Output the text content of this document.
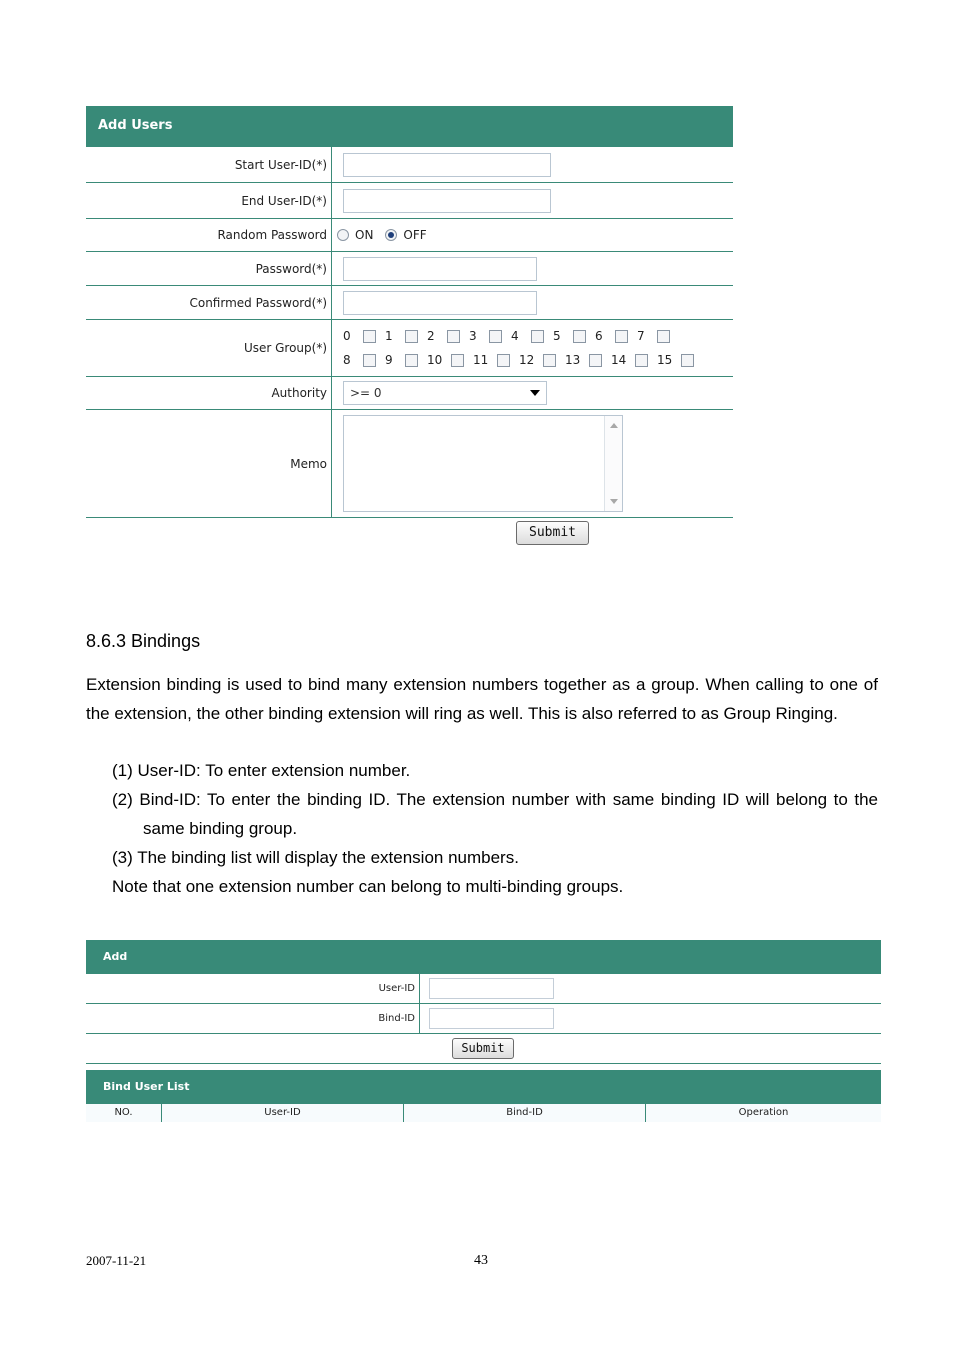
Add Users
Start User-ID(*)
End User-ID(*)
Random Password	ON	OFF
Password(*)
Confirmed Password(*)
User Group(*)
0	1	2	3	4	5	6	7
8	9	10	11	12	13	14	15
Authority	>= 0
Memo
Submit
8.6.3 Bindings
Extension binding is used to bind many extension numbers together as a group. When calling to one of the extension, the other binding extension will ring as well. This is also referred to as Group Ringing.
(1) User-ID: To enter extension number.
(2) Bind-ID: To enter the binding ID. The extension number with same binding ID will belong to the same binding group.
(3) The binding list will display the extension numbers.
Note that one extension number can belong to multi-binding groups.
Add
User-ID
Bind-ID
Submit
Bind User List
NO.	User-ID	Bind-ID	Operation
2007-11-21	43
